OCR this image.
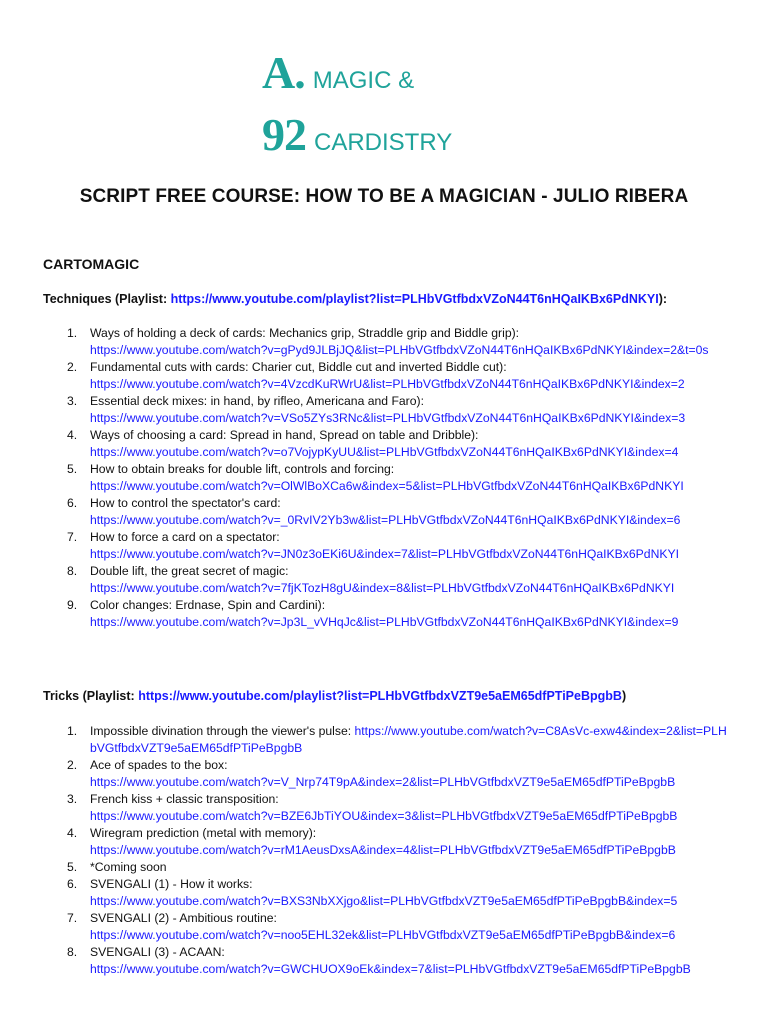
A. MAGIC &
92 CARDISTRY
SCRIPT FREE COURSE: HOW TO BE A MAGICIAN - JULIO RIBERA
CARTOMAGIC
Techniques (Playlist: https://www.youtube.com/playlist?list=PLHbVGtfbdxVZoN44T6nHQaIKBx6PdNKYI):
1. Ways of holding a deck of cards: Mechanics grip, Straddle grip and Biddle grip):
https://www.youtube.com/watch?v=gPyd9JLBjJQ&list=PLHbVGtfbdxVZoN44T6nHQaIKBx6PdNKYI&index=2&t=0s
2. Fundamental cuts with cards: Charier cut, Biddle cut and inverted Biddle cut):
https://www.youtube.com/watch?v=4VzcdKuRWrU&list=PLHbVGtfbdxVZoN44T6nHQaIKBx6PdNKYI&index=2
3. Essential deck mixes: in hand, by rifleo, Americana and Faro):
https://www.youtube.com/watch?v=VSo5ZYs3RNc&list=PLHbVGtfbdxVZoN44T6nHQaIKBx6PdNKYI&index=3
4. Ways of choosing a card: Spread in hand, Spread on table and Dribble):
https://www.youtube.com/watch?v=o7VojypKyUU&list=PLHbVGtfbdxVZoN44T6nHQaIKBx6PdNKYI&index=4
5. How to obtain breaks for double lift, controls and forcing:
https://www.youtube.com/watch?v=OlWlBoXCa6w&index=5&list=PLHbVGtfbdxVZoN44T6nHQaIKBx6PdNKYI
6. How to control the spectator's card:
https://www.youtube.com/watch?v=_0RvIV2Yb3w&list=PLHbVGtfbdxVZoN44T6nHQaIKBx6PdNKYI&index=6
7. How to force a card on a spectator:
https://www.youtube.com/watch?v=JN0z3oEKi6U&index=7&list=PLHbVGtfbdxVZoN44T6nHQaIKBx6PdNKYI
8. Double lift, the great secret of magic:
https://www.youtube.com/watch?v=7fjKTozH8gU&index=8&list=PLHbVGtfbdxVZoN44T6nHQaIKBx6PdNKYI
9. Color changes: Erdnase, Spin and Cardini):
https://www.youtube.com/watch?v=Jp3L_vVHqJc&list=PLHbVGtfbdxVZoN44T6nHQaIKBx6PdNKYI&index=9
Tricks (Playlist: https://www.youtube.com/playlist?list=PLHbVGtfbdxVZT9e5aEM65dfPTiPeBpgbB)
1. Impossible divination through the viewer's pulse: https://www.youtube.com/watch?v=C8AsVc-exw4&index=2&list=PLHbVGtfbdxVZT9e5aEM65dfPTiPeBpgbB
2. Ace of spades to the box:
https://www.youtube.com/watch?v=V_Nrp74T9pA&index=2&list=PLHbVGtfbdxVZT9e5aEM65dfPTiPeBpgbB
3. French kiss + classic transposition:
https://www.youtube.com/watch?v=BZE6JbTiYOU&index=3&list=PLHbVGtfbdxVZT9e5aEM65dfPTiPeBpgbB
4. Wiregram prediction (metal with memory):
https://www.youtube.com/watch?v=rM1AeusDxsA&index=4&list=PLHbVGtfbdxVZT9e5aEM65dfPTiPeBpgbB
5. *Coming soon
6. SVENGALI (1) - How it works:
https://www.youtube.com/watch?v=BXS3NbXXjgo&list=PLHbVGtfbdxVZT9e5aEM65dfPTiPeBpgbB&index=5
7. SVENGALI (2) - Ambitious routine:
https://www.youtube.com/watch?v=noo5EHL32ek&list=PLHbVGtfbdxVZT9e5aEM65dfPTiPeBpgbB&index=6
8. SVENGALI (3) - ACAAN:
https://www.youtube.com/watch?v=GWCHUOX9oEk&index=7&list=PLHbVGtfbdxVZT9e5aEM65dfPTiPeBpgbB
